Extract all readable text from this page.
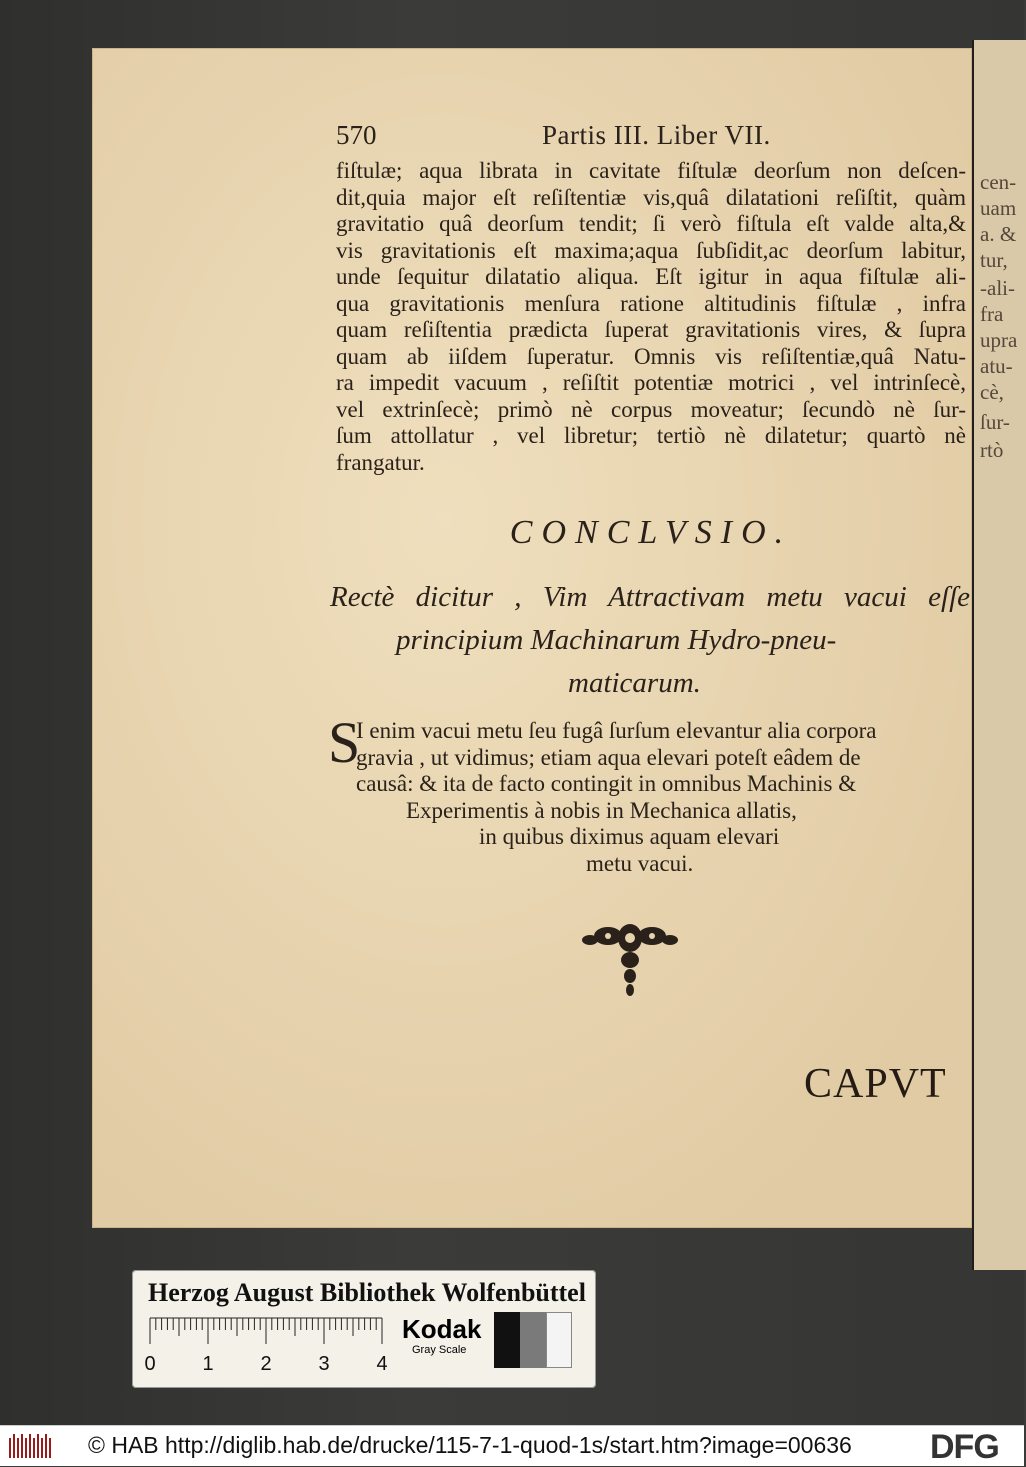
cen-
uam
a. &
tur,
-ali-
fra
upra
atu-
cè,
ſur-
rtò
570	Partis III. Liber VII.
fiſtulæ; aqua librata in cavitate fiſtulæ deorſum non deſcen-
dit,quia major eſt reſiſtentiæ vis,quâ dilatationi reſiſtit, quàm
gravitatio quâ deorſum tendit; ſi verò fiſtula eſt valde alta,&
vis gravitationis eſt maxima;aqua ſubſidit,ac deorſum labitur,
unde ſequitur dilatatio aliqua. Eſt igitur in aqua fiſtulæ ali-
qua gravitationis menſura ratione altitudinis fiſtulæ , infra
quam reſiſtentia prædicta ſuperat gravitationis vires, & ſupra
quam ab iiſdem ſuperatur. Omnis vis reſiſtentiæ,quâ Natu-
ra impedit vacuum , reſiſtit potentiæ motrici , vel intrinſecè,
vel extrinſecè; primò nè corpus moveatur; ſecundò nè ſur-
ſum attollatur , vel libretur; tertiò nè dilatetur; quartò nè
frangatur.
CONCLVSIO.
Rectè dicitur , Vim Attractivam metu vacui eſſe
principium Machinarum Hydro-pneu-
maticarum.
S
I enim vacui metu ſeu fugâ ſurſum elevantur alia corpora
gravia , ut vidimus; etiam aqua elevari poteſt eâdem de
causâ: & ita de facto contingit in omnibus Machinis &
Experimentis à nobis in Mechanica allatis,
in quibus diximus aquam elevari
metu vacui.
CAPVT
Herzog August Bibliothek Wolfenbüttel
0 1 2 3 4
Kodak
Gray Scale
© HAB http://diglib.hab.de/drucke/115-7-1-quod-1s/start.htm?image=00636 DFG
